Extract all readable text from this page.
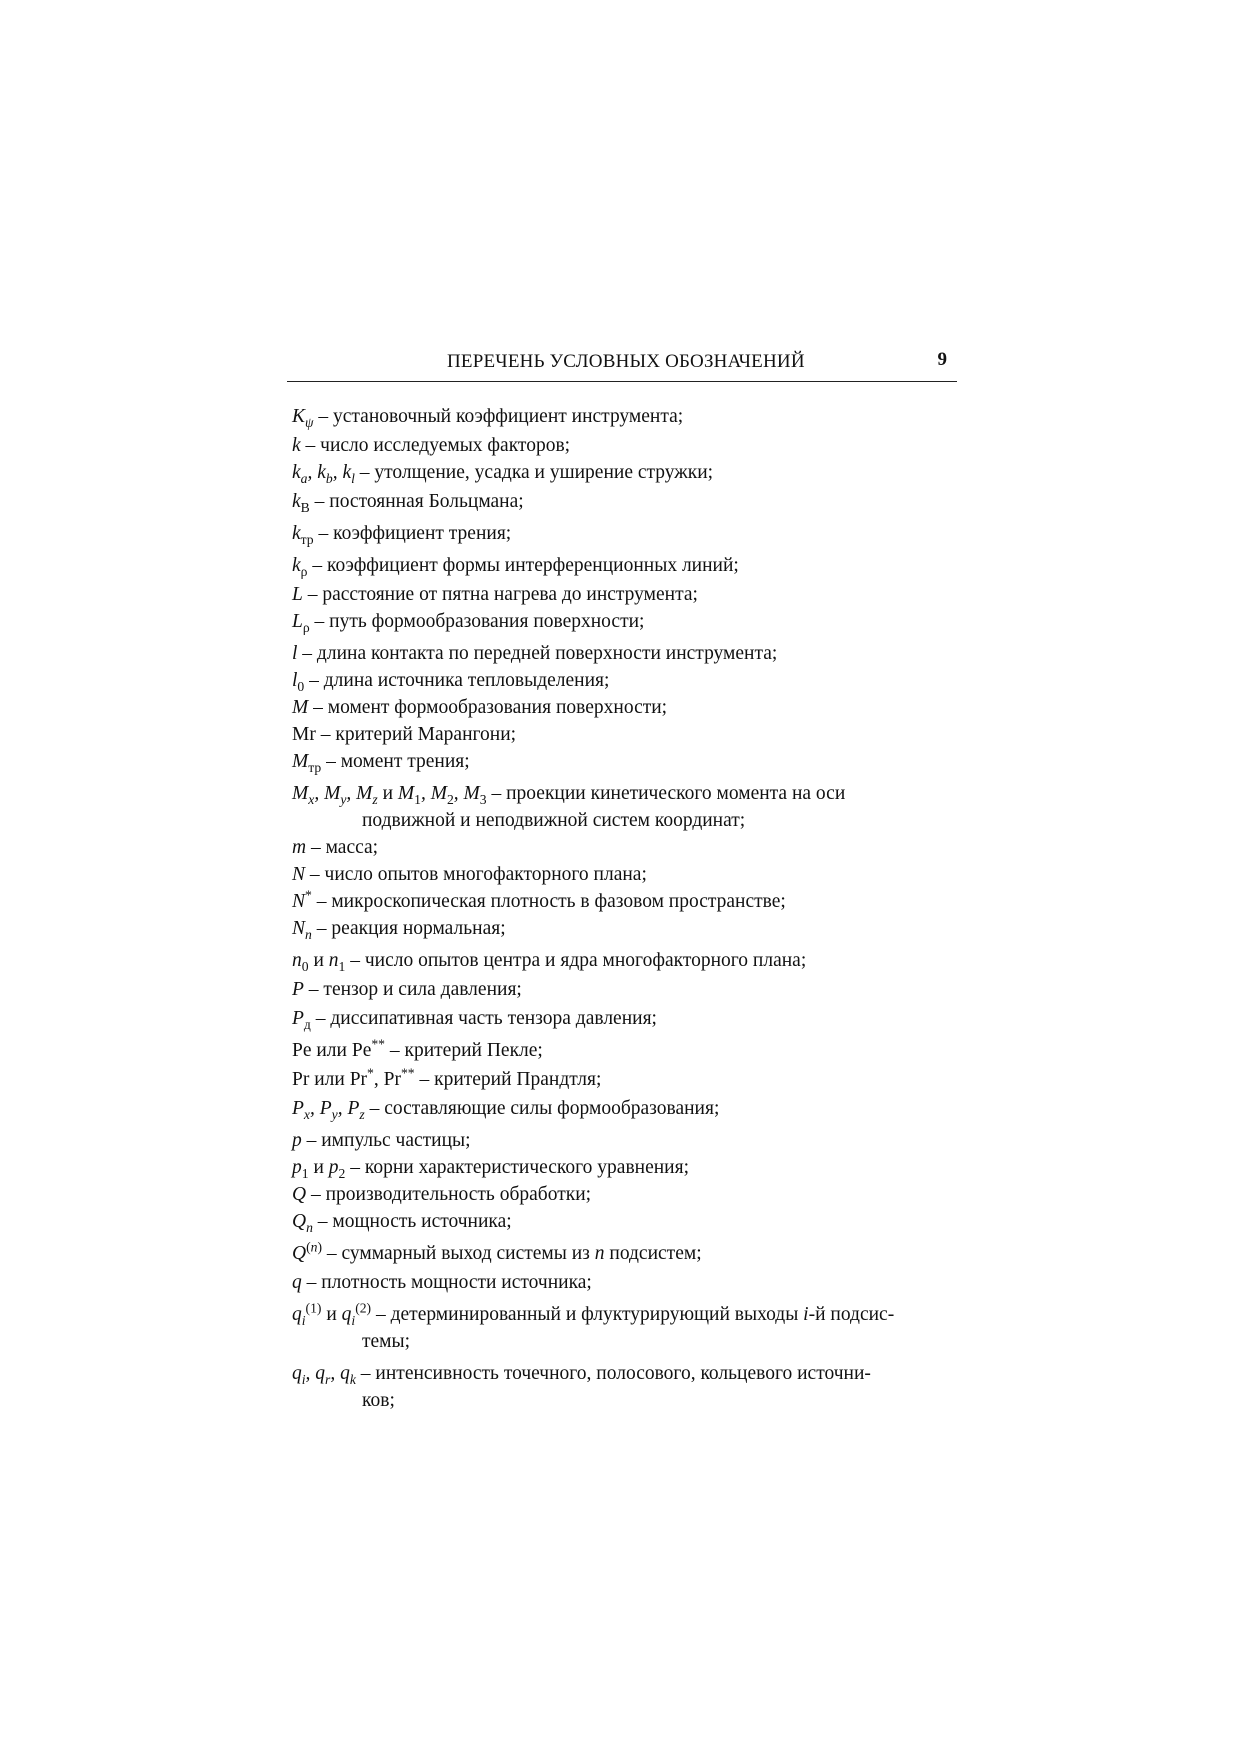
ПЕРЕЧЕНЬ УСЛОВНЫХ ОБОЗНАЧЕНИЙ	9

$K_\psi$ – установочный коэффициент инструмента;

k – число исследуемых факторов;

$k_a$, $k_b$, $k_l$ – утолщение, усадка и уширение стружки;

$k_B$ – постоянная Больцмана;

$k_{тр}$ – коэффициент трения;

$k_\rho$ – коэффициент формы интерференционных линий;

L – расстояние от пятна нагрева до инструмента;

$L_\rho$ – путь формообразования поверхности;

l – длина контакта по передней поверхности инструмента;

$l_0$ – длина источника тепловыделения;

M – момент формообразования поверхности;

Mr – критерий Марангони;

$M_{тр}$ – момент трения;

$M_x$, $M_y$, $M_z$ и $M_1$, $M_2$, $M_3$ – проекции кинетического момента на оси

подвижной и неподвижной систем координат;

m – масса;

N – число опытов многофакторного плана;

N* – микроскопическая плотность в фазовом пространстве;

$N_n$ – реакция нормальная;

$n_0$ и $n_1$ – число опытов центра и ядра многофакторного плана;

P – тензор и сила давления;

$P_д$ – диссипативная часть тензора давления;

Pe или Pe** – критерий Пекле;

Pr или Pr*, Pr** – критерий Прандтля;

$P_x$, $P_y$, $P_z$ – составляющие силы формообразования;

p – импульс частицы;

$p_1$ и $p_2$ – корни характеристического уравнения;

Q – производительность обработки;

$Q_n$ – мощность источника;

$Q^{(n)}$ – суммарный выход системы из n подсистем;

q – плотность мощности источника;

$q_i^{(1)}$ и $q_i^{(2)}$ – детерминированный и флуктурирующий выходы i-й подсис-

темы;

$q_i$, $q_r$, $q_k$ – интенсивность точечного, полосового, кольцевого источни-

ков;
